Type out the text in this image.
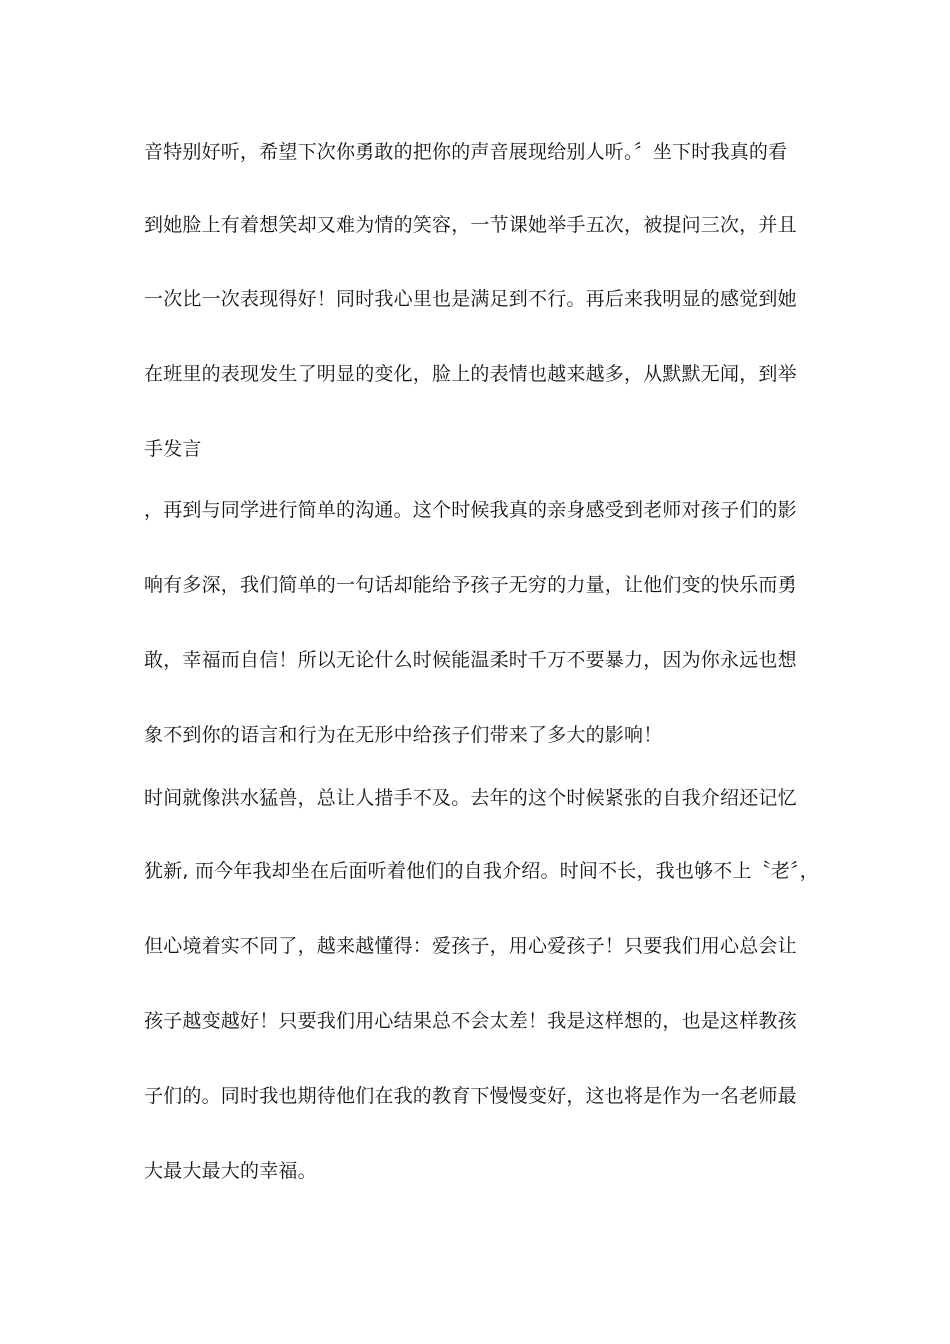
音特别好听，希望下次你勇敢的把你的声音展现给别人听。〞坐下时我真的看
到她脸上有着想笑却又难为情的笑容，一节课她举手五次，被提问三次，并且
一次比一次表现得好！同时我心里也是满足到不行。再后来我明显的感觉到她
在班里的表现发生了明显的变化，脸上的表情也越来越多，从默默无闻，到举
手发言
，再到与同学进行简单的沟通。这个时候我真的亲身感受到老师对孩子们的影
响有多深，我们简单的一句话却能给予孩子无穷的力量，让他们变的快乐而勇
敢，幸福而自信！所以无论什么时候能温柔时千万不要暴力，因为你永远也想
象不到你的语言和行为在无形中给孩子们带来了多大的影响！
时间就像洪水猛兽，总让人措手不及。去年的这个时候紧张的自我介绍还记忆
犹新, 而今年我却坐在后面听着他们的自我介绍。时间不长，我也够不上〝老〞，
但心境着实不同了，越来越懂得：爱孩子，用心爱孩子！只要我们用心总会让
孩子越变越好！只要我们用心结果总不会太差！我是这样想的，也是这样教孩
子们的。同时我也期待他们在我的教育下慢慢变好，这也将是作为一名老师最
大最大最大的幸福。
